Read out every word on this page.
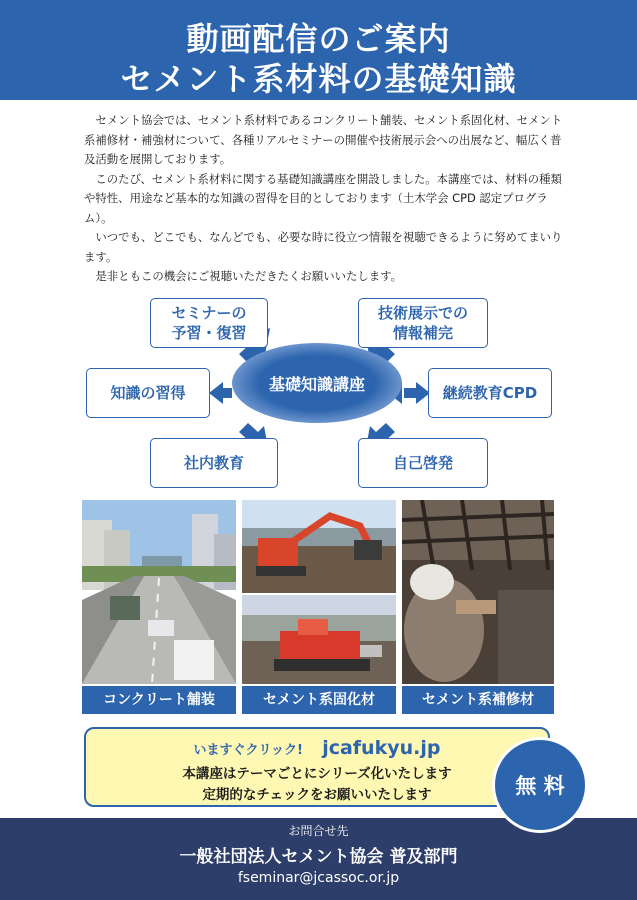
動画配信のご案内
セメント系材料の基礎知識

セメント協会では、セメント系材料であるコンクリート舗装、セメント系固化材、セメント系補修材・補強材について、各種リアルセミナーの開催や技術展示会への出展など、幅広く普及活動を展開しております。

このたび、セメント系材料に関する基礎知識講座を開設しました。本講座では、材料の種類や特性、用途など基本的な知識の習得を目的としております（土木学会 CPD 認定プログラム）。

いつでも、どこでも、なんどでも、必要な時に役立つ情報を視聴できるように努めてまいります。

是非ともこの機会にご視聴いただきたくお願いいたします。

セミナーの
予習・復習
技術展示での
情報補完
知識の習得	継続教育CPD
社内教育	自己啓発
基礎知識講座
コンクリート舗装	セメント系固化材	セメント系補修材
いますぐクリック! jcafukyu.jp
本講座はテーマごとにシリーズ化いたします
定期的なチェックをお願いいたします
お問合せ先
一般社団法人セメント協会 普及部門
fseminar@jcassoc.or.jp
無 料
